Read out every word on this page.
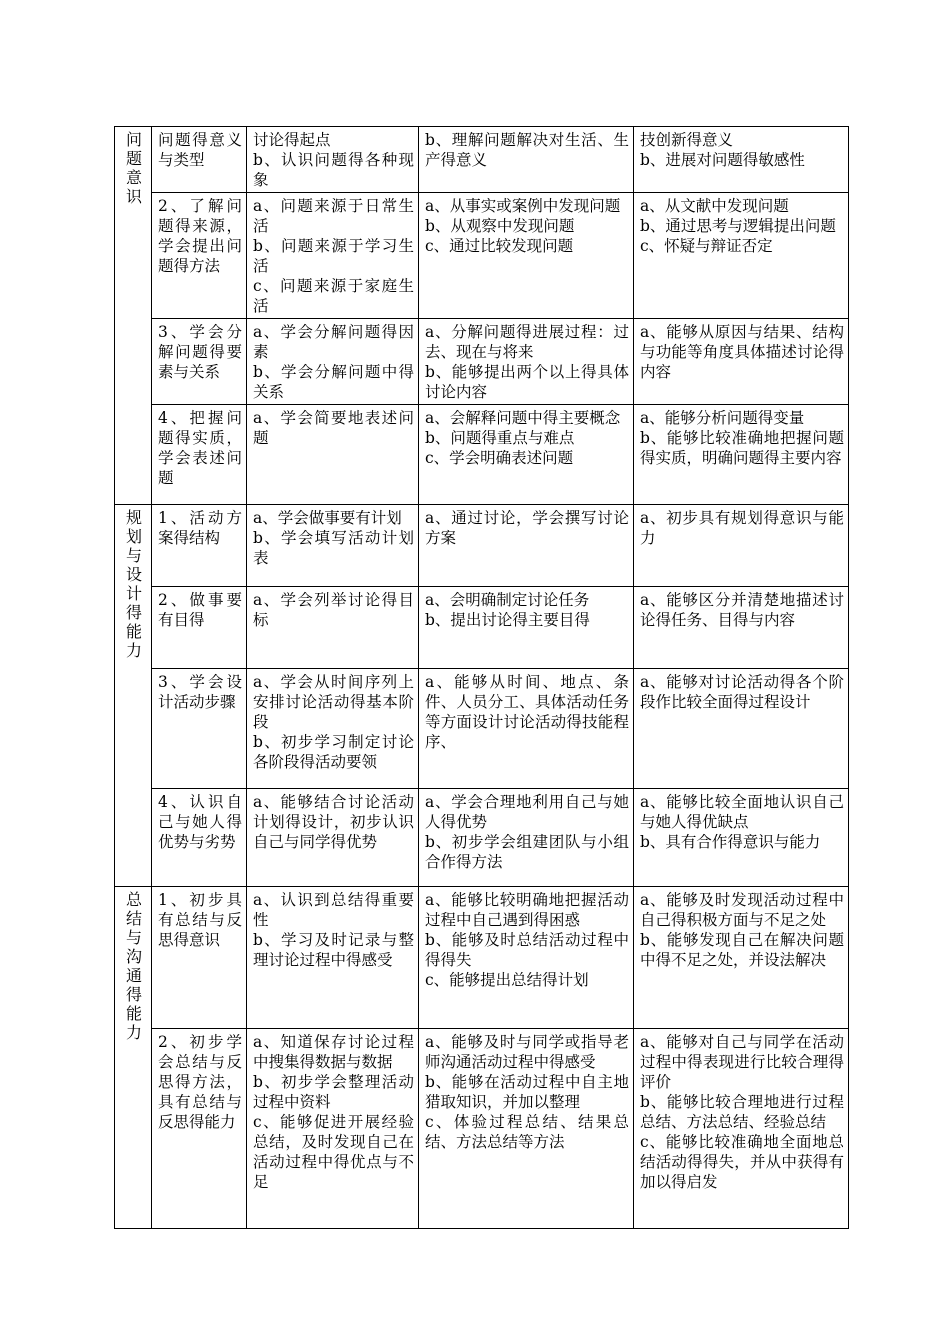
问题意识	问题得意义与类型	讨论得起点
b、认识问题得各种现象	b、理解问题解决对生活、生产得意义	技创新得意义
b、进展对问题得敏感性

	2、了解问题得来源，学会提出问题得方法	a、问题来源于日常生活
b、问题来源于学习生活
c、问题来源于家庭生活	a、从事实或案例中发现问题
b、从观察中发现问题
c、通过比较发现问题	a、从文献中发现问题
b、通过思考与逻辑提出问题
c、怀疑与辩证否定

	3、学会分解问题得要素与关系	a、学会分解问题得因素
b、学会分解问题中得关系	a、分解问题得进展过程：过去、现在与将来
b、能够提出两个以上得具体讨论内容	a、能够从原因与结果、结构与功能等角度具体描述讨论得内容

	4、把握问题得实质，学会表述问题	a、学会简要地表述问题	a、会解释问题中得主要概念
b、问题得重点与难点
c、学会明确表述问题	a、能够分析问题得变量
b、能够比较准确地把握问题得实质，明确问题得主要内容

规划与设计得能力	1、活动方案得结构	a、学会做事要有计划
b、学会填写活动计划表	a、通过讨论，学会撰写讨论方案	a、初步具有规划得意识与能力

	2、做事要有目得	a、学会列举讨论得目标	a、会明确制定讨论任务
b、提出讨论得主要目得	a、能够区分并清楚地描述讨论得任务、目得与内容

	3、学会设计活动步骤	a、学会从时间序列上安排讨论活动得基本阶段
b、初步学习制定讨论各阶段得活动要领	a、能够从时间、地点、条件、人员分工、具体活动任务等方面设计讨论活动得技能程序、	a、能够对讨论活动得各个阶段作比较全面得过程设计

	4、认识自己与她人得优势与劣势	a、能够结合讨论活动计划得设计，初步认识自己与同学得优势	a、学会合理地利用自己与她人得优势
b、初步学会组建团队与小组合作得方法	a、能够比较全面地认识自己与她人得优缺点
b、具有合作得意识与能力

总结与沟通得能力	1、初步具有总结与反思得意识	a、认识到总结得重要性
b、学习及时记录与整理讨论过程中得感受	a、能够比较明确地把握活动过程中自己遇到得困惑
b、能够及时总结活动过程中得得失
c、能够提出总结得计划	a、能够及时发现活动过程中自己得积极方面与不足之处
b、能够发现自己在解决问题中得不足之处，并设法解决

	2、初步学会总结与反思得方法，具有总结与反思得能力	a、知道保存讨论过程中搜集得数据与数据
b、初步学会整理活动过程中资料
c、能够促进开展经验总结，及时发现自己在活动过程中得优点与不足	a、能够及时与同学或指导老师沟通活动过程中得感受
b、能够在活动过程中自主地猎取知识，并加以整理
c、体验过程总结、结果总结、方法总结等方法	a、能够对自己与同学在活动过程中得表现进行比较合理得评价
b、能够比较合理地进行过程总结、方法总结、经验总结
c、能够比较准确地全面地总结活动得得失，并从中获得有加以得启发
